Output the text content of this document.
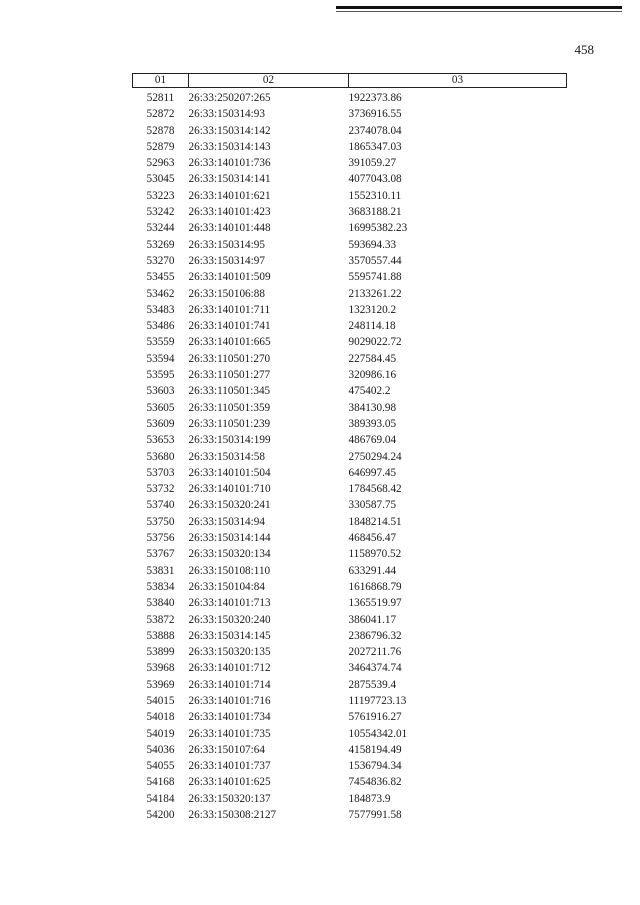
458
01	02	03
52811	26:33:250207:265	1922373.86
52872	26:33:150314:93	3736916.55
52878	26:33:150314:142	2374078.04
52879	26:33:150314:143	1865347.03
52963	26:33:140101:736	391059.27
53045	26:33:150314:141	4077043.08
53223	26:33:140101:621	1552310.11
53242	26:33:140101:423	3683188.21
53244	26:33:140101:448	16995382.23
53269	26:33:150314:95	593694.33
53270	26:33:150314:97	3570557.44
53455	26:33:140101:509	5595741.88
53462	26:33:150106:88	2133261.22
53483	26:33:140101:711	1323120.2
53486	26:33:140101:741	248114.18
53559	26:33:140101:665	9029022.72
53594	26:33:110501:270	227584.45
53595	26:33:110501:277	320986.16
53603	26:33:110501:345	475402.2
53605	26:33:110501:359	384130.98
53609	26:33:110501:239	389393.05
53653	26:33:150314:199	486769.04
53680	26:33:150314:58	2750294.24
53703	26:33:140101:504	646997.45
53732	26:33:140101:710	1784568.42
53740	26:33:150320:241	330587.75
53750	26:33:150314:94	1848214.51
53756	26:33:150314:144	468456.47
53767	26:33:150320:134	1158970.52
53831	26:33:150108:110	633291.44
53834	26:33:150104:84	1616868.79
53840	26:33:140101:713	1365519.97
53872	26:33:150320:240	386041.17
53888	26:33:150314:145	2386796.32
53899	26:33:150320:135	2027211.76
53968	26:33:140101:712	3464374.74
53969	26:33:140101:714	2875539.4
54015	26:33:140101:716	11197723.13
54018	26:33:140101:734	5761916.27
54019	26:33:140101:735	10554342.01
54036	26:33:150107:64	4158194.49
54055	26:33:140101:737	1536794.34
54168	26:33:140101:625	7454836.82
54184	26:33:150320:137	184873.9
54200	26:33:150308:2127	7577991.58
